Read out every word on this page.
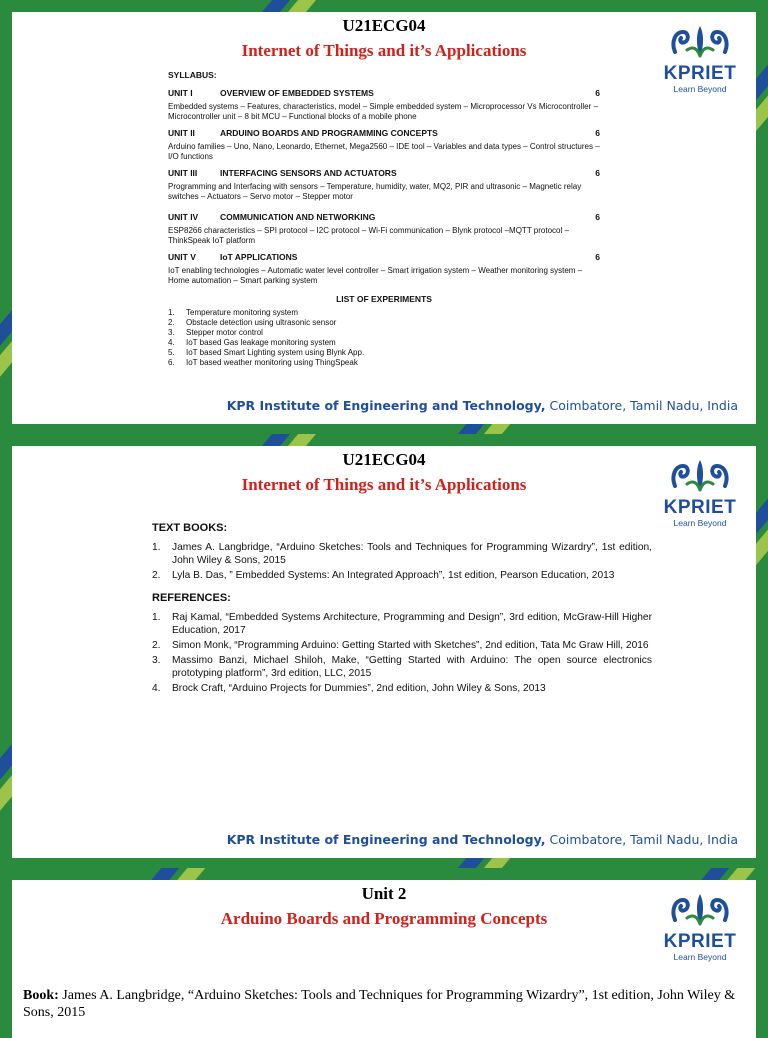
U21ECG04
Internet of Things and it’s Applications
KPRIET
Learn Beyond
SYLLABUS:
UNIT I	OVERVIEW OF EMBEDDED SYSTEMS	6
Embedded systems – Features, characteristics, model – Simple embedded system – Microprocessor Vs Microcontroller – Microcontroller unit – 8 bit MCU – Functional blocks of a mobile phone
UNIT II	ARDUINO BOARDS AND PROGRAMMING CONCEPTS	6
Arduino families – Uno, Nano, Leonardo, Ethernet, Mega2560 – IDE tool – Variables and data types – Control structures – I/O functions
UNIT III	INTERFACING SENSORS AND ACTUATORS	6
Programming and Interfacing with sensors – Temperature, humidity, water, MQ2, PIR and ultrasonic – Magnetic relay switches – Actuators – Servo motor – Stepper motor
UNIT IV	COMMUNICATION AND NETWORKING	6
ESP8266 characteristics – SPI protocol – I2C protocol – Wi-Fi communication – Blynk protocol –MQTT protocol – ThinkSpeak IoT platform
UNIT V	IoT APPLICATIONS	6
IoT enabling technologies – Automatic water level controller – Smart irrigation system – Weather monitoring system – Home automation – Smart parking system
LIST OF EXPERIMENTS
1.	Temperature monitoring system
2.	Obstacle detection using ultrasonic sensor
3.	Stepper motor control
4.	IoT based Gas leakage monitoring system
5.	IoT based Smart Lighting system using Blynk App.
6.	IoT based weather monitoring using ThingSpeak
KPR Institute of Engineering and Technology, Coimbatore, Tamil Nadu, India
U21ECG04
Internet of Things and it’s Applications
KPRIET
Learn Beyond
TEXT BOOKS:
1.	James A. Langbridge, “Arduino Sketches: Tools and Techniques for Programming Wizardry”, 1st edition, John Wiley & Sons, 2015
2.	Lyla B. Das, ” Embedded Systems: An Integrated Approach”, 1st edition, Pearson Education, 2013
REFERENCES:
1.	Raj Kamal, “Embedded Systems Architecture, Programming and Design”, 3rd edition, McGraw-Hill Higher Education, 2017
2.	Simon Monk, “Programming Arduino: Getting Started with Sketches”, 2nd edition, Tata Mc Graw Hill, 2016
3.	Massimo Banzi, Michael Shiloh, Make, “Getting Started with Arduino: The open source electronics prototyping platform”, 3rd edition, LLC, 2015
4.	Brock Craft, “Arduino Projects for Dummies”, 2nd edition, John Wiley & Sons, 2013
KPR Institute of Engineering and Technology, Coimbatore, Tamil Nadu, India
Unit 2
Arduino Boards and Programming Concepts
KPRIET
Learn Beyond
Book: James A. Langbridge, “Arduino Sketches: Tools and Techniques for Programming Wizardry”, 1st edition, John Wiley & Sons, 2015
